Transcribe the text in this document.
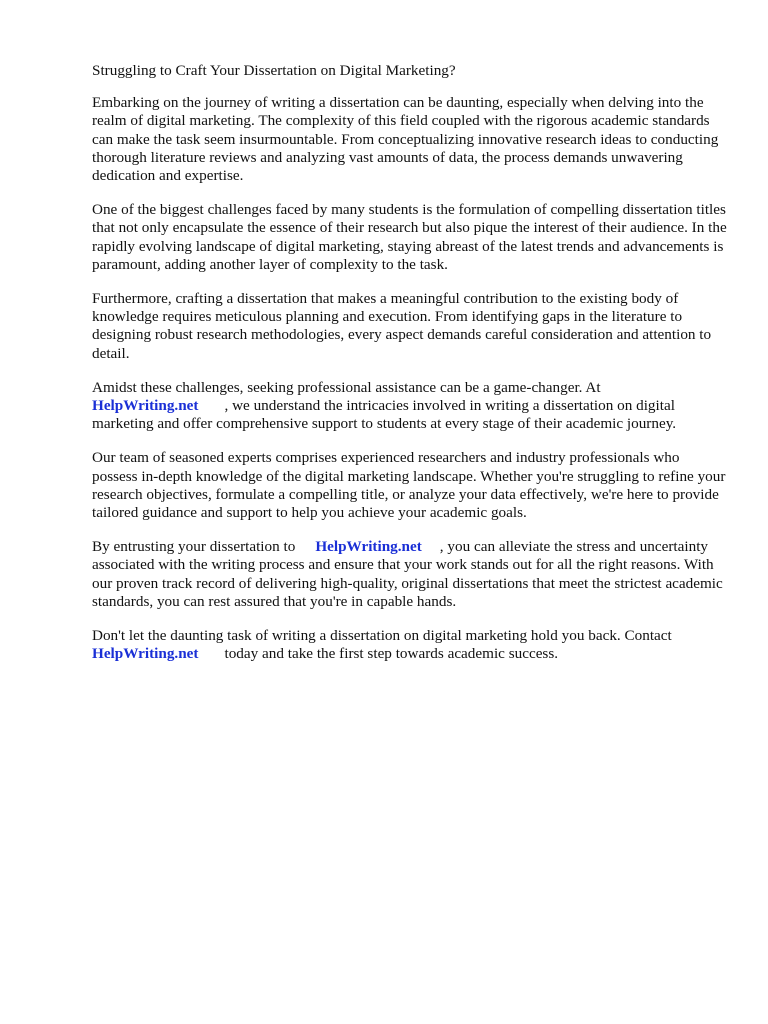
Struggling to Craft Your Dissertation on Digital Marketing?

Embarking on the journey of writing a dissertation can be daunting, especially when delving into the realm of digital marketing. The complexity of this field coupled with the rigorous academic standards can make the task seem insurmountable. From conceptualizing innovative research ideas to conducting thorough literature reviews and analyzing vast amounts of data, the process demands unwavering dedication and expertise.

One of the biggest challenges faced by many students is the formulation of compelling dissertation titles that not only encapsulate the essence of their research but also pique the interest of their audience. In the rapidly evolving landscape of digital marketing, staying abreast of the latest trends and advancements is paramount, adding another layer of complexity to the task.

Furthermore, crafting a dissertation that makes a meaningful contribution to the existing body of knowledge requires meticulous planning and execution. From identifying gaps in the literature to designing robust research methodologies, every aspect demands careful consideration and attention to detail.

Amidst these challenges, seeking professional assistance can be a game-changer. At
HelpWriting.net , we understand the intricacies involved in writing a dissertation on digital marketing and offer comprehensive support to students at every stage of their academic journey.

Our team of seasoned experts comprises experienced researchers and industry professionals who possess in-depth knowledge of the digital marketing landscape. Whether you're struggling to refine your research objectives, formulate a compelling title, or analyze your data effectively, we're here to provide tailored guidance and support to help you achieve your academic goals.

By entrusting your dissertation to HelpWriting.net , you can alleviate the stress and uncertainty associated with the writing process and ensure that your work stands out for all the right reasons. With our proven track record of delivering high-quality, original dissertations that meet the strictest academic standards, you can rest assured that you're in capable hands.

Don't let the daunting task of writing a dissertation on digital marketing hold you back. Contact
HelpWriting.net today and take the first step towards academic success.
